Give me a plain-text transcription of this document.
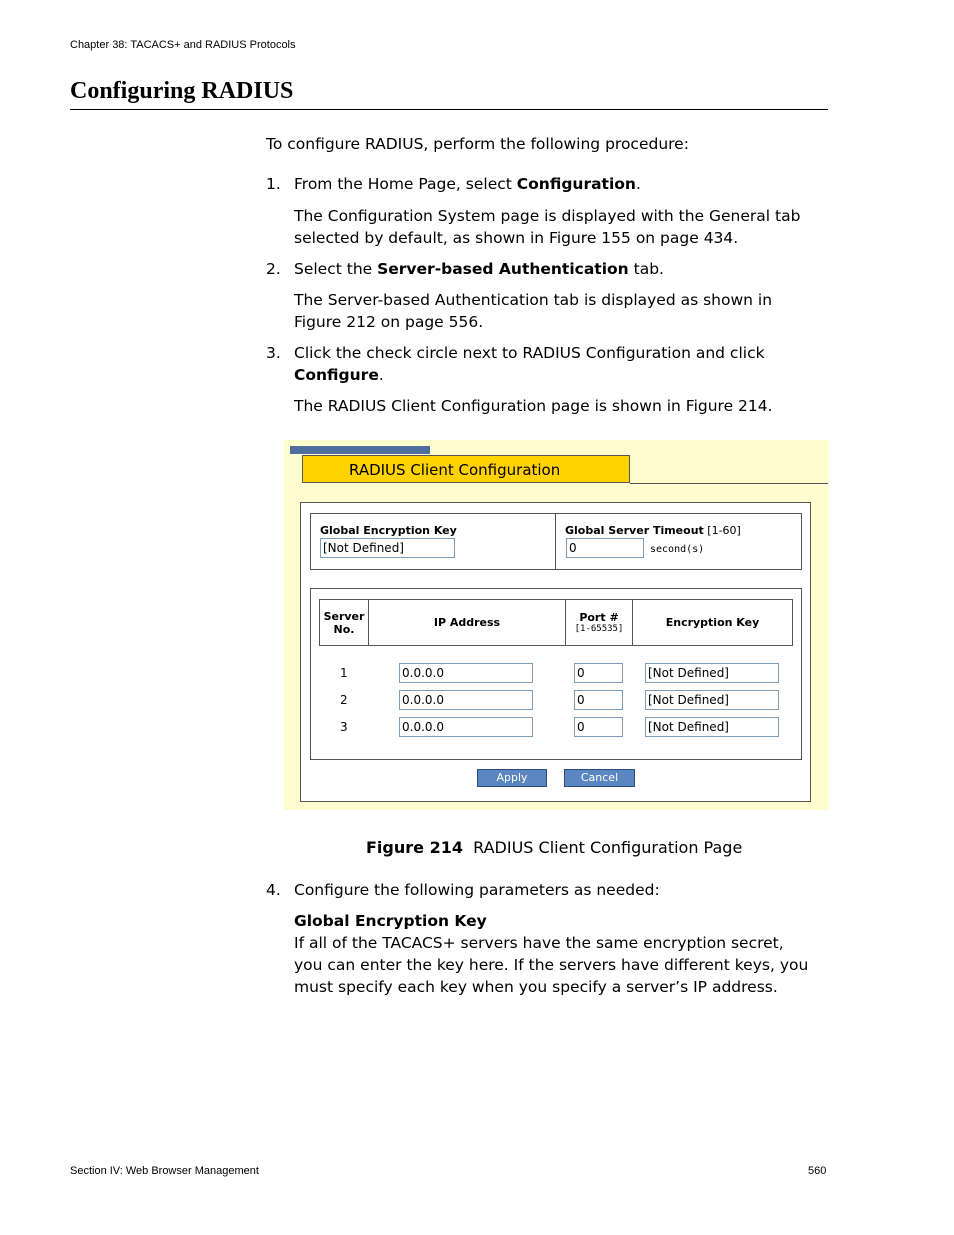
Chapter 38: TACACS+ and RADIUS Protocols
Configuring RADIUS
To configure RADIUS, perform the following procedure:
1. From the Home Page, select Configuration.
The Configuration System page is displayed with the General tab selected by default, as shown in Figure 155 on page 434.
2. Select the Server-based Authentication tab.
The Server-based Authentication tab is displayed as shown in Figure 212 on page 556.
3. Click the check circle next to RADIUS Configuration and click Configure.
The RADIUS Client Configuration page is shown in Figure 214.
RADIUS Client Configuration
Global Encryption Key
[Not Defined]
Global Server Timeout [1-60]
0	second(s)
Server No.	IP Address	Port #
[1-65535]	Encryption Key
1	0.0.0.0	0	[Not Defined]
2	0.0.0.0	0	[Not Defined]
3	0.0.0.0	0	[Not Defined]
Apply	Cancel
Figure 214 RADIUS Client Configuration Page
4. Configure the following parameters as needed:
Global Encryption Key
If all of the TACACS+ servers have the same encryption secret, you can enter the key here. If the servers have different keys, you must specify each key when you specify a server’s IP address.
Section IV: Web Browser Management	560
